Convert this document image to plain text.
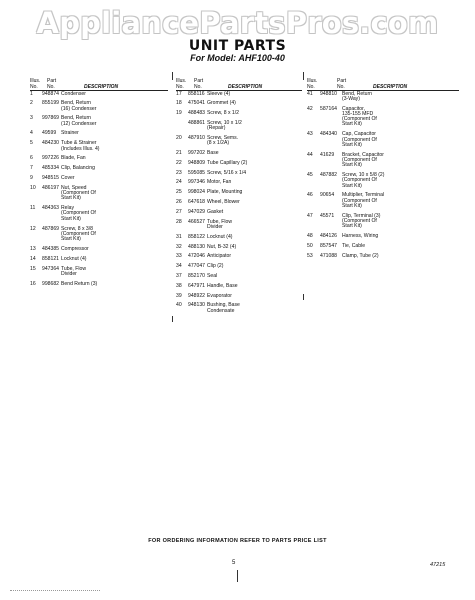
AppliancePartsPros.com
UNIT PARTS
For Model: AHF100-40
Illus. Part
No. No.	DESCRIPTION
1	948874 Condenser
2	855199 Bend, Return
(16) Condenser
3	997869 Bend, Return
(12) Condenser
4	49599 Strainer
5	484230 Tube & Strainer
(Includes Illus. 4)
6	997226 Blade, Fan
7	485334 Clip, Balancing
9	948515 Cover
10	486197 Nut, Speed
(Component Of
Start Kit)
11	484363 Relay
(Component Of
Start Kit)
12	487869 Screw, 8 x 3/8
(Component Of
Start Kit)
13	484385 Compressor
14	858121 Locknut (4)
15	947364 Tube, Flow
Divider
16	998682 Bend Return (3)
Illus. Part
No. No.	DESCRIPTION
17	858116 Sleeve (4)
18	475041 Grommet (4)
19	488483 Screw, 8 x 1/2
488861 Screw, 10 x 1/2
(Repair)
20	487910 Screw, Sems.
(8 x 1/2A)
21	997202 Base
22	948809 Tube Capillary (2)
23	595085 Screw, 5/16 x 1/4
24	997346 Motor, Fan
25	998024 Plate, Mounting
26	647618 Wheel, Blower
27	947029 Gasket
28	466527 Tube, Flow
Divider
31	858122 Locknut (4)
32	488130 Nut, B-32 (4)
33	472046 Anticipator
34	477047 Clip (2)
37	852170 Seal
38	647971 Handle, Base
39	948922 Evaporator
40	948130 Bushing, Base
Condensate
Illus.	Part
No.	No.	DESCRIPTION
41	948810 Bend, Return
(3-Way)
42	587164 Capacitor,
135-155 MFD
(Component Of
Start Kit)
43	484340 Cap, Capacitor
(Component Of
Start Kit)
44	41629	Bracket, Capacitor
(Component Of
Start Kit)
45	487882 Screw, 10 x 5/8 (2)
(Component Of
Start Kit)
46	90654	Multiplier, Terminal
(Component Of
Start Kit)
47	45571	Clip, Terminal (3)
(Component Of
Start Kit)
48	484126 Harness, Wiring
50	857547 Tie, Cable
53	471088 Clamp, Tube (2)
FOR ORDERING INFORMATION REFER TO PARTS PRICE LIST
5	47215
